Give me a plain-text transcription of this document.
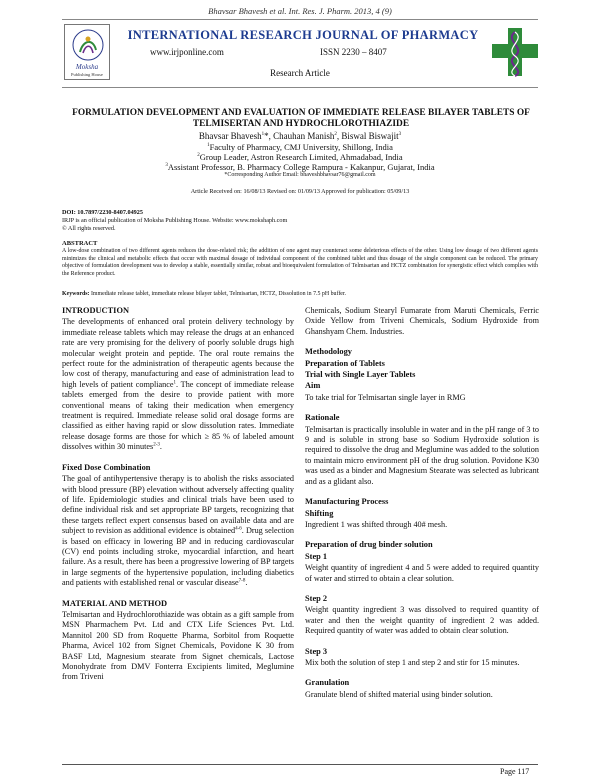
Bhavsar Bhavesh et al. Int. Res. J. Pharm. 2013, 4 (9)
Moksha
Publishing House
INTERNATIONAL RESEARCH JOURNAL OF PHARMACY
www.irjponline.com	ISSN 2230 – 8407
Research Article
FORMULATION DEVELOPMENT AND EVALUATION OF IMMEDIATE RELEASE BILAYER TABLETS OF TELMISERTAN AND HYDROCHLOROTHIAZIDE
Bhavsar Bhavesh$^1$*, Chauhan Manish$^2$, Biswal Biswajit$^3$
$^1$Faculty of Pharmacy, CMJ University, Shillong, India
$^2$Group Leader, Astron Research Limited, Ahmadabad, India
$^3$Assistant Professor, B. Pharmacy College Rampura - Kakanpur, Gujarat, India
*Corresponding Author Email: bhaveshbhavsar76@gmail.com
Article Received on: 16/08/13 Revised on: 01/09/13 Approved for publication: 05/09/13
DOI: 10.7897/2230-8407.04925
IRJP is an official publication of Moksha Publishing House. Website: www.mokshaph.com
© All rights reserved.
ABSTRACT
A low-dose combination of two different agents reduces the dose-related risk; the addition of one agent may counteract some deleterious effects of the other. Using low dosage of two different agents minimizes the clinical and metabolic effects that occur with maximal dosage of individual component of the combined tablet and thus dosage of the single component can be reduced. The primary objective of formulation development was to develop a stable, essentially similar, robust and bioequivalent formulation of Telmisartan and HCTZ combination for synergistic effect which complies with the Reference product.
Keywords: Immediate release tablet, immediate release bilayer tablet, Telmisartan, HCTZ, Dissolution in 7.5 pH buffer.
INTRODUCTION
The developments of enhanced oral protein delivery technology by immediate release tablets which may release the drugs at an enhanced rate are very promising for the delivery of poorly soluble drugs high molecular weight protein and peptide. The oral route remains the perfect route for the administration of therapeutic agents because the low cost of therapy, manufacturing and ease of administration lead to high levels of patient compliance$^1$. The concept of immediate release tablets emerged from the desire to provide patient with more conventional means of taking their medication when emergency treatment is required. Immediate release solid oral dosage forms are classified as either having rapid or slow dissolution rates. Immediate release dosage forms are those for which ≥ 85 % of labeled amount dissolves within 30 minutes$^{2-3}$.
Fixed Dose Combination
The goal of antihypertensive therapy is to abolish the risks associated with blood pressure (BP) elevation without adversely affecting quality of life. Epidemiologic studies and clinical trials have been used to define individual risk and set appropriate BP targets, recognizing that these targets reflect expert consensus based on available data and are subject to revision as additional evidence is obtained$^{4-6}$. Drug selection is based on efficacy in lowering BP and in reducing cardiovascular (CV) end points including stroke, myocardial infarction, and heart failure. As a result, there has been a progressive lowering of BP targets in large segments of the hypertensive population, including diabetics and patients with established renal or vascular disease$^{7-8}$.
MATERIAL AND METHOD
Telmisartan and Hydrochlorothiazide was obtain as a gift sample from MSN Pharmachem Pvt. Ltd and CTX Life Sciences Pvt. Ltd. Mannitol 200 SD from Roquette Pharma, Sorbitol from Roquette Pharma, Avicel 102 from Signet Chemicals, Povidone K 30 from BASF Ltd, Magnesium stearate from Signet chemicals, Lactose Monohydrate from DMV Fonterra Excipients limited, Meglumine from Triveni
Chemicals, Sodium Stearyl Fumarate from Maruti Chemicals, Ferric Oxide Yellow from Triveni Chemicals, Sodium Hydroxide from Ghanshyam Chem. Industries.
Methodology
Preparation of Tablets
Trial with Single Layer Tablets
Aim
To take trial for Telmisartan single layer in RMG
Rationale
Telmisartan is practically insoluble in water and in the pH range of 3 to 9 and is soluble in strong base so Sodium Hydroxide solution is required to dissolve the drug and Meglumine was added to the solution to maintain micro environment pH of the drug solution. Povidone K30 was used as a binder and Magnesium Stearate was selected as lubricant and as a glidant also.
Manufacturing Process
Shifting
Ingredient 1 was shifted through 40# mesh.
Preparation of drug binder solution
Step 1
Weight quantity of ingredient 4 and 5 were added to required quantity of water and stirred to obtain a clear solution.
Step 2
Weight quantity ingredient 3 was dissolved to required quantity of water and then the weight quantity of ingredient 2 was added. Required quantity of water was added to obtain clear solution.
Step 3
Mix both the solution of step 1 and step 2 and stir for 15 minutes.
Granulation
Granulate blend of shifted material using binder solution.
Page 117
